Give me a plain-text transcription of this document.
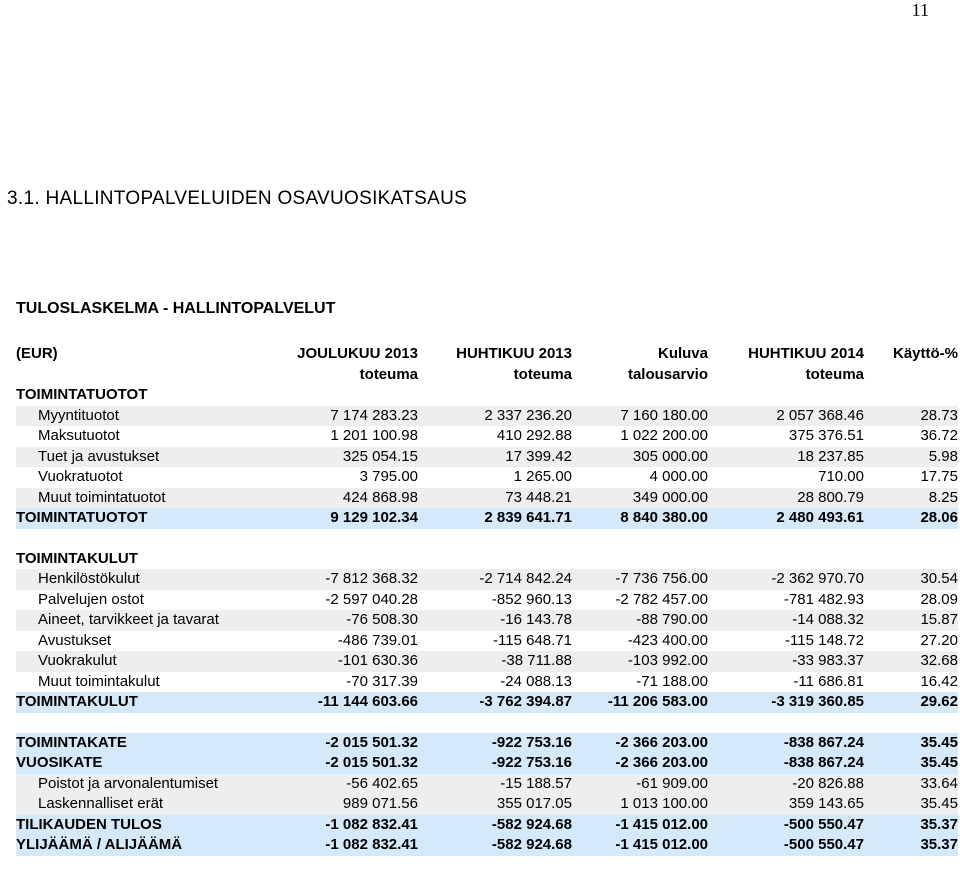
11
3.1. HALLINTOPALVELUIDEN OSAVUOSIKATSAUS
TULOSLASKELMA - HALLINTOPALVELUT
(EUR)	JOULUKUU 2013	HUHTIKUU 2013	Kuluva	HUHTIKUU 2014	Käyttö-%
	toteuma	toteuma	talousarvio	toteuma	
TOIMINTATUOTOT					
Myyntituotot	7 174 283.23	2 337 236.20	7 160 180.00	2 057 368.46	28.73
Maksutuotot	1 201 100.98	410 292.88	1 022 200.00	375 376.51	36.72
Tuet ja avustukset	325 054.15	17 399.42	305 000.00	18 237.85	5.98
Vuokratuotot	3 795.00	1 265.00	4 000.00	710.00	17.75
Muut toimintatuotot	424 868.98	73 448.21	349 000.00	28 800.79	8.25
TOIMINTATUOTOT	9 129 102.34	2 839 641.71	8 840 380.00	2 480 493.61	28.06

TOIMINTAKULUT					
Henkilöstökulut	-7 812 368.32	-2 714 842.24	-7 736 756.00	-2 362 970.70	30.54
Palvelujen ostot	-2 597 040.28	-852 960.13	-2 782 457.00	-781 482.93	28.09
Aineet, tarvikkeet ja tavarat	-76 508.30	-16 143.78	-88 790.00	-14 088.32	15.87
Avustukset	-486 739.01	-115 648.71	-423 400.00	-115 148.72	27.20
Vuokrakulut	-101 630.36	-38 711.88	-103 992.00	-33 983.37	32.68
Muut toimintakulut	-70 317.39	-24 088.13	-71 188.00	-11 686.81	16.42
TOIMINTAKULUT	-11 144 603.66	-3 762 394.87	-11 206 583.00	-3 319 360.85	29.62

TOIMINTAKATE	-2 015 501.32	-922 753.16	-2 366 203.00	-838 867.24	35.45
VUOSIKATE	-2 015 501.32	-922 753.16	-2 366 203.00	-838 867.24	35.45
Poistot ja arvonalentumiset	-56 402.65	-15 188.57	-61 909.00	-20 826.88	33.64
Laskennalliset erät	989 071.56	355 017.05	1 013 100.00	359 143.65	35.45
TILIKAUDEN TULOS	-1 082 832.41	-582 924.68	-1 415 012.00	-500 550.47	35.37
YLIJÄÄMÄ / ALIJÄÄMÄ	-1 082 832.41	-582 924.68	-1 415 012.00	-500 550.47	35.37
